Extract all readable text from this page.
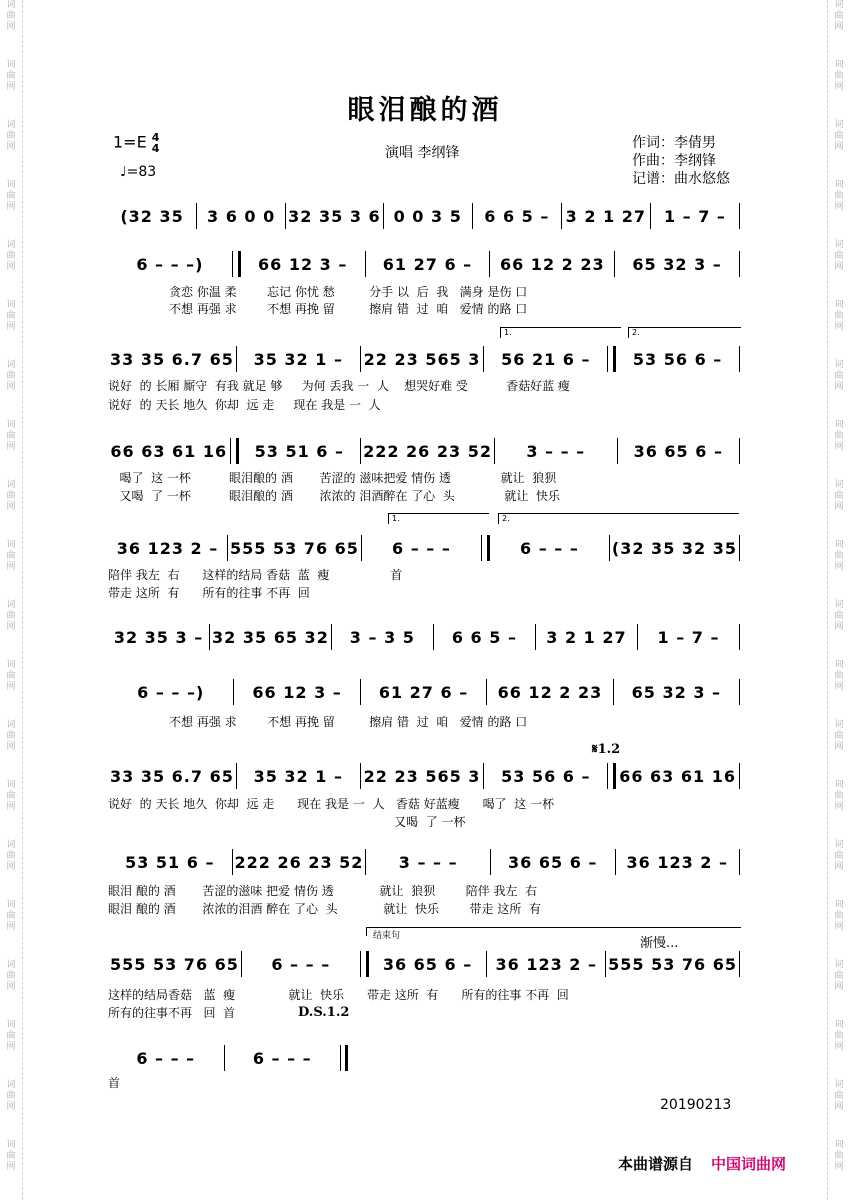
词
曲
网
词
曲
网
词
曲
网
词
曲
网
词
曲
网
词
曲
网
词
曲
网
词
曲
网
词
曲
网
词
曲
网
词
曲
网
词
曲
网
词
曲
网
词
曲
网
词
曲
网
词
曲
网
词
曲
网
词
曲
网
词
曲
网
词
曲
网
词
曲
网
词
曲
网
词
曲
网
词
曲
网
词
曲
网
词
曲
网
词
曲
网
词
曲
网
词
曲
网
词
曲
网
词
曲
网
词
曲
网
词
曲
网
词
曲
网
词
曲
网
词
曲
网
词
曲
网
词
曲
网
词
曲
网
词
曲
网
眼泪酿的酒
1=E 4
4
♩=83
演唱 李纲锋
作词：李倩男
作曲：李纲锋
记谱：曲水悠悠
(32 35	3 6 0 0 32 35 3 6 0 0 3 5	6 6 5 –	3 2 1 27	1 – 7 –
6 – – –)	66 12 3 –	61 27 6 –	66 12 2 23	65 32 3 –
33 35 6.7 65	35 32 1 –	22 23 565 3	56 21 6 –	53 56 6 –
66 63 61 16	53 51 6 –	222 26 23 52	3 – – –	36 65 6 –
36 123 2 – 555 53 76 65	6 – – –	6 – – –	(32 35 32 35
32 35 3 – 32 35 65 32	3 – 3 5	6 6 5 –	3 2 1 27	1 – 7 –
6 – – –)	66 12 3 –	61 27 6 –	66 12 2 23	65 32 3 –
33 35 6.7 65	35 32 1 –	22 23 565 3	53 56 6 –	66 63 61 16
53 51 6 –	222 26 23 52	3 – – –	36 65 6 –	36 123 2 –
555 53 76 65	6 – – –	36 65 6 –	36 123 2 – 555 53 76 65
6 – – –	6 – – –
贪恋 你温 柔        忘记 你忧 愁         分手 以  后  我   满身 是伤 口
不想 再强 求        不想 再挽 留         擦肩 错  过  咱   爱情 的路 口
说好  的 长厢 厮守  有我 就足 够     为何 丢我 一  人    想哭好难 受          香菇好蓝 瘦
说好  的 天长 地久  你却  远 走     现在 我是 一  人
喝了  这 一杯          眼泪酿的 酒       苦涩的 滋味把爱 情伤 透             就让  狼狈
又喝  了 一杯          眼泪酿的 酒       浓浓的 泪酒醉在 了心  头             就让  快乐
陪伴 我左  右      这样的结局 香菇  蓝  瘦                首
带走 这所  有      所有的往事 不再  回
不想 再强 求        不想 再挽 留         擦肩 错  过  咱   爱情 的路 口
说好  的 天长 地久  你却  远 走      现在 我是 一  人   香菇 好蓝瘦      喝了  这 一杯
又喝  了 一杯
眼泪 酿的 酒       苦涩的滋味 把爱 情伤 透            就让  狼狈        陪伴 我左  右
眼泪 酿的 酒       浓浓的泪酒 醉在 了心  头            就让  快乐        带走 这所  有
这样的结局香菇   蓝  瘦              就让  快乐      带走 这所  有      所有的往事 不再  回
所有的往事不再   回  首
首
1.	2.
1.	2.
𝄋1.2
结束句	渐慢...
D.S.1.2
20190213
本曲谱源自 中国词曲网
